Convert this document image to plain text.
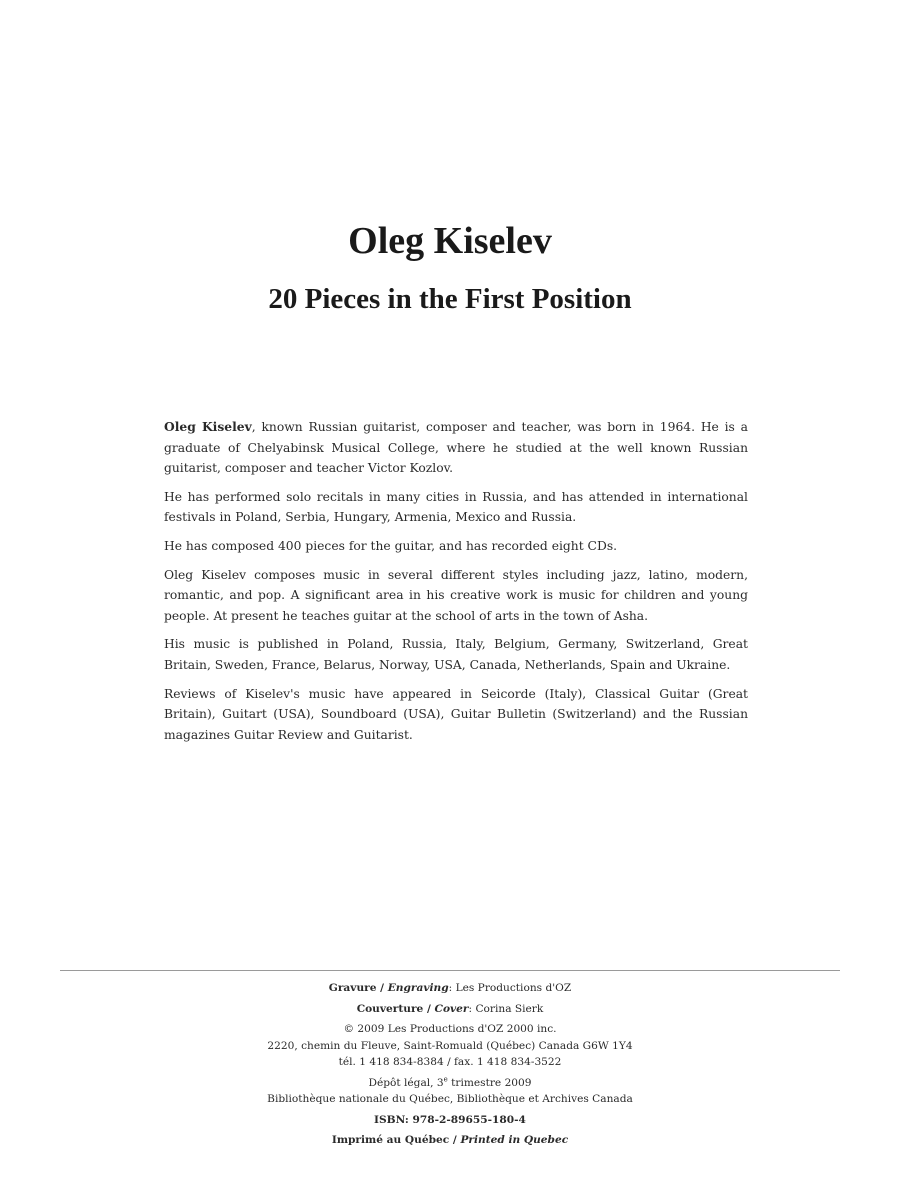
Oleg Kiselev
20 Pieces in the First Position

Oleg Kiselev, known Russian guitarist, composer and teacher, was born in 1964. He is a graduate of Chelyabinsk Musical College, where he studied at the well known Russian guitarist, composer and teacher Victor Kozlov.

He has performed solo recitals in many cities in Russia, and has attended in international festivals in Poland, Serbia, Hungary, Armenia, Mexico and Russia.

He has composed 400 pieces for the guitar, and has recorded eight CDs.

Oleg Kiselev composes music in several different styles including jazz, latino, modern, romantic, and pop. A significant area in his creative work is music for children and young people. At present he teaches guitar at the school of arts in the town of Asha.

His music is published in Poland, Russia, Italy, Belgium, Germany, Switzerland, Great Britain, Sweden, France, Belarus, Norway, USA, Canada, Netherlands, Spain and Ukraine.

Reviews of Kiselev's music have appeared in Seicorde (Italy), Classical Guitar (Great Britain), Guitart (USA), Soundboard (USA), Guitar Bulletin (Switzerland) and the Russian magazines Guitar Review and Guitarist.

Gravure / Engraving: Les Productions d'OZ
Couverture / Cover: Corina Sierk
© 2009 Les Productions d'OZ 2000 inc.
2220, chemin du Fleuve, Saint-Romuald (Québec) Canada G6W 1Y4
tél. 1 418 834-8384 / fax. 1 418 834-3522
Dépôt légal, 3e trimestre 2009
Bibliothèque nationale du Québec, Bibliothèque et Archives Canada
ISBN: 978-2-89655-180-4
Imprimé au Québec / Printed in Quebec
